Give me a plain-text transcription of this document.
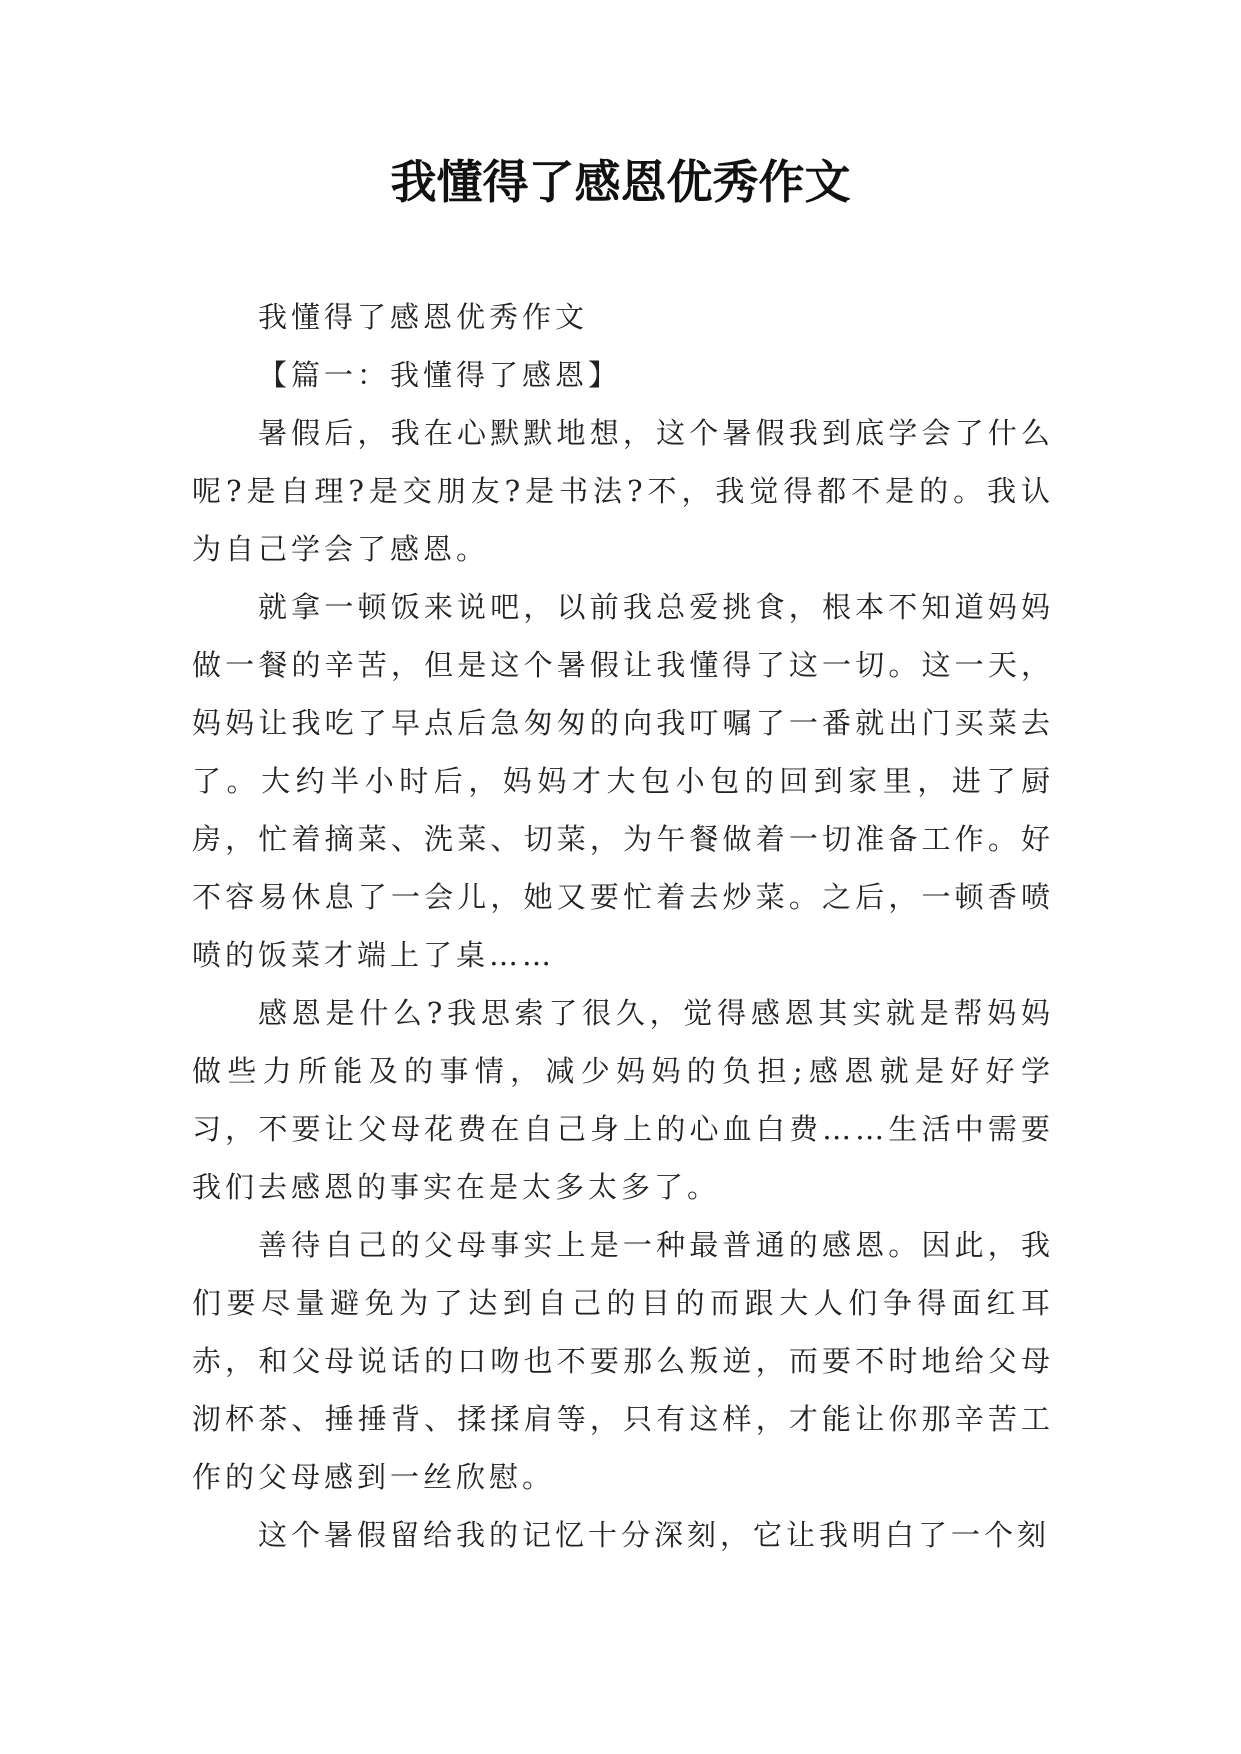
我懂得了感恩优秀作文

我懂得了感恩优秀作文

【篇一：我懂得了感恩】

暑假后，我在心默默地想，这个暑假我到底学会了什么呢?是自理?是交朋友?是书法?不，我觉得都不是的。我认为自己学会了感恩。

就拿一顿饭来说吧，以前我总爱挑食，根本不知道妈妈做一餐的辛苦，但是这个暑假让我懂得了这一切。这一天，妈妈让我吃了早点后急匆匆的向我叮嘱了一番就出门买菜去了。大约半小时后，妈妈才大包小包的回到家里，进了厨房，忙着摘菜、洗菜、切菜，为午餐做着一切准备工作。好不容易休息了一会儿，她又要忙着去炒菜。之后，一顿香喷喷的饭菜才端上了桌……

感恩是什么?我思索了很久，觉得感恩其实就是帮妈妈做些力所能及的事情，减少妈妈的负担;感恩就是好好学习，不要让父母花费在自己身上的心血白费……生活中需要我们去感恩的事实在是太多太多了。

善待自己的父母事实上是一种最普通的感恩。因此，我们要尽量避免为了达到自己的目的而跟大人们争得面红耳赤，和父母说话的口吻也不要那么叛逆，而要不时地给父母沏杯茶、捶捶背、揉揉肩等，只有这样，才能让你那辛苦工作的父母感到一丝欣慰。

这个暑假留给我的记忆十分深刻，它让我明白了一个刻
